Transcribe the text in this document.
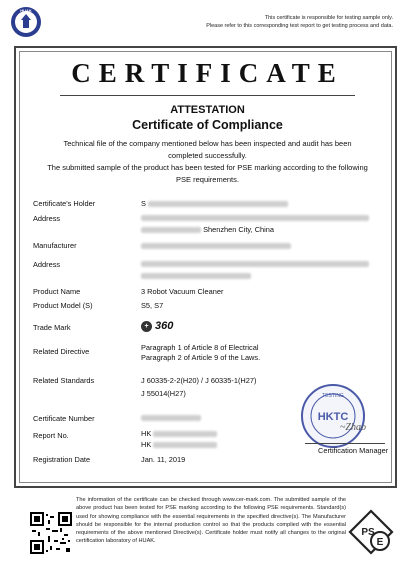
HUAK
This certificate is responsible for testing sample only.
Please refer to this corresponding test report to get testing process and data.
CERTIFICATE
ATTESTATION
Certificate of Compliance
Technical file of the company mentioned below has been inspected and audit has been
completed successfully.
The submitted sample of the product has been tested for PSE marking according to the following
PSE requirements.
Certificate's Holder	S
Address
Shenzhen City, China
Manufacturer
Address
Product Name	3 Robot Vacuum Cleaner
Product Model (S)	S5, S7
Trade Mark	+ 360
Related Directive	Paragraph 1 of Article 8 of Electrical
Paragraph 2 of Article 9 of the Laws.
Related Standards	J 60335-2-2(H20) / J 60335-1(H27)
J 55014(H27)
Certificate Number
Report No.	HK
HK
Registration Date	Jan. 11, 2019
TESTING
HKTC
~Zhao
Certification Manager
The information of the certificate can be checked through www.cer-mark.com. The submitted sample of the above product has been tested for PSE marking according to the following PSE requirements. Standard(s) used for showing compliance with the essential requirements in the specified directive(s). The Manufacturer should be responsible for the internal production control so that the products complied with the essential requirements of the above mentioned Directive(s). Certificate holder must notify all changes to the original certification laboratory of HUAK.
PS
E
